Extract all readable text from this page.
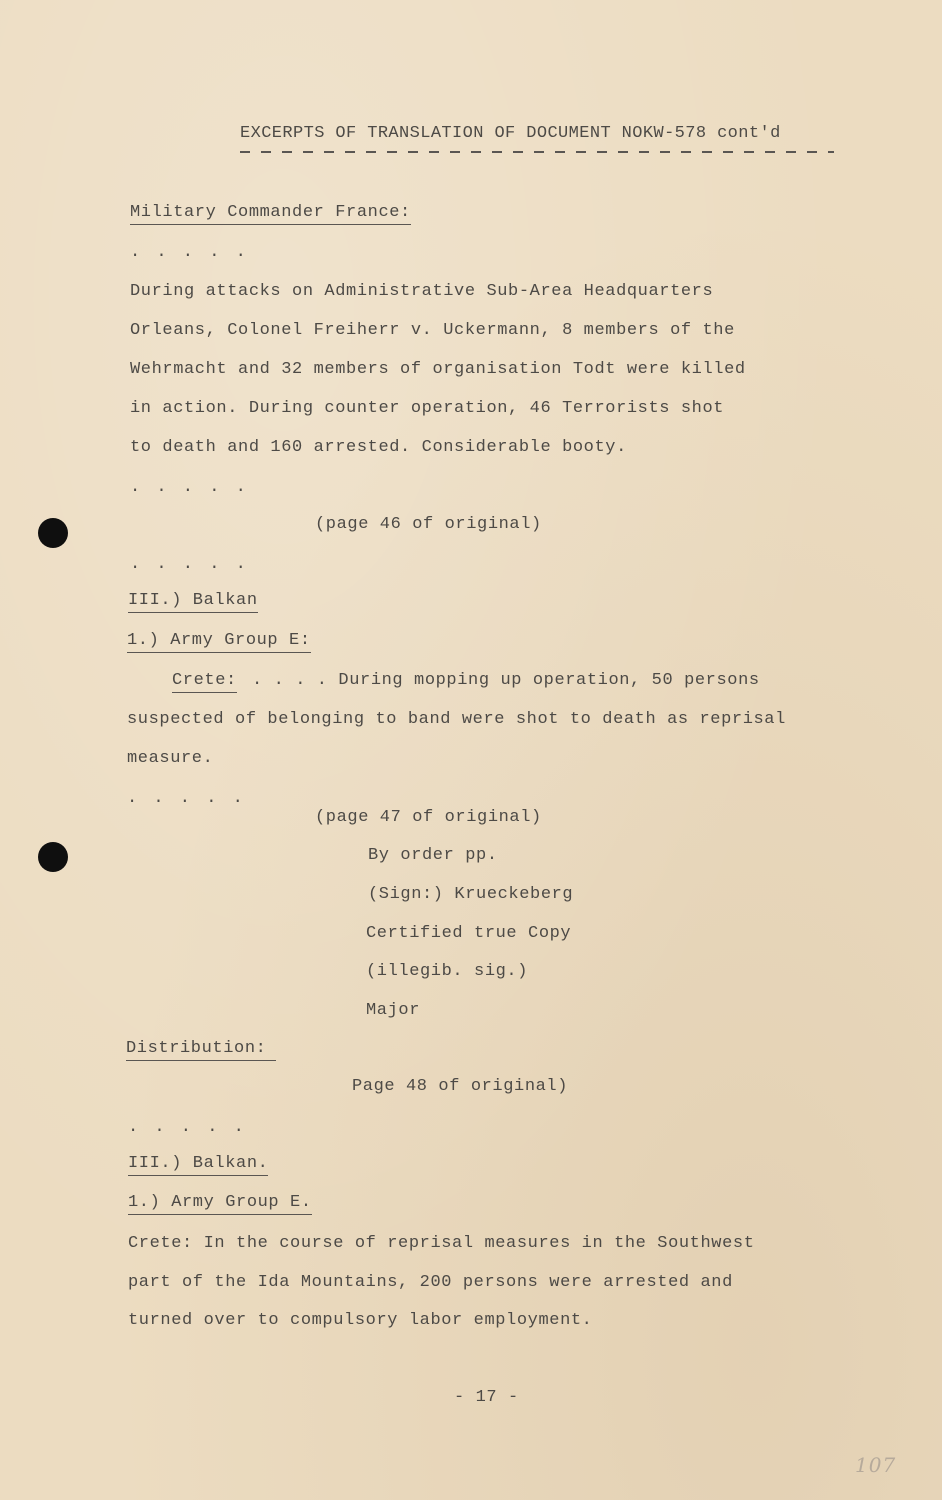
EXCERPTS OF TRANSLATION OF DOCUMENT NOKW-578 cont'd
Military Commander France:
. . . . .
During attacks on Administrative Sub-Area Headquarters
Orleans, Colonel Freiherr v. Uckermann, 8 members of the
Wehrmacht and 32 members of organisation Todt were killed
in action. During counter operation, 46 Terrorists shot
to death and 160 arrested. Considerable booty.
. . . . .
(page 46 of original)
. . . . .
III.) Balkan
1.) Army Group E:
Crete: . . . . During mopping up operation, 50 persons
suspected of belonging to band were shot to death as reprisal
measure.
. . . . .
(page 47 of original)
By order pp.
(Sign:) Krueckeberg
Certified true Copy
(illegib. sig.)
Major
Distribution:
Page 48 of original)
. . . . .
III.) Balkan.
1.) Army Group E.
Crete: In the course of reprisal measures in the Southwest
part of the Ida Mountains, 200 persons were arrested and
turned over to compulsory labor employment.
- 17 -
107
